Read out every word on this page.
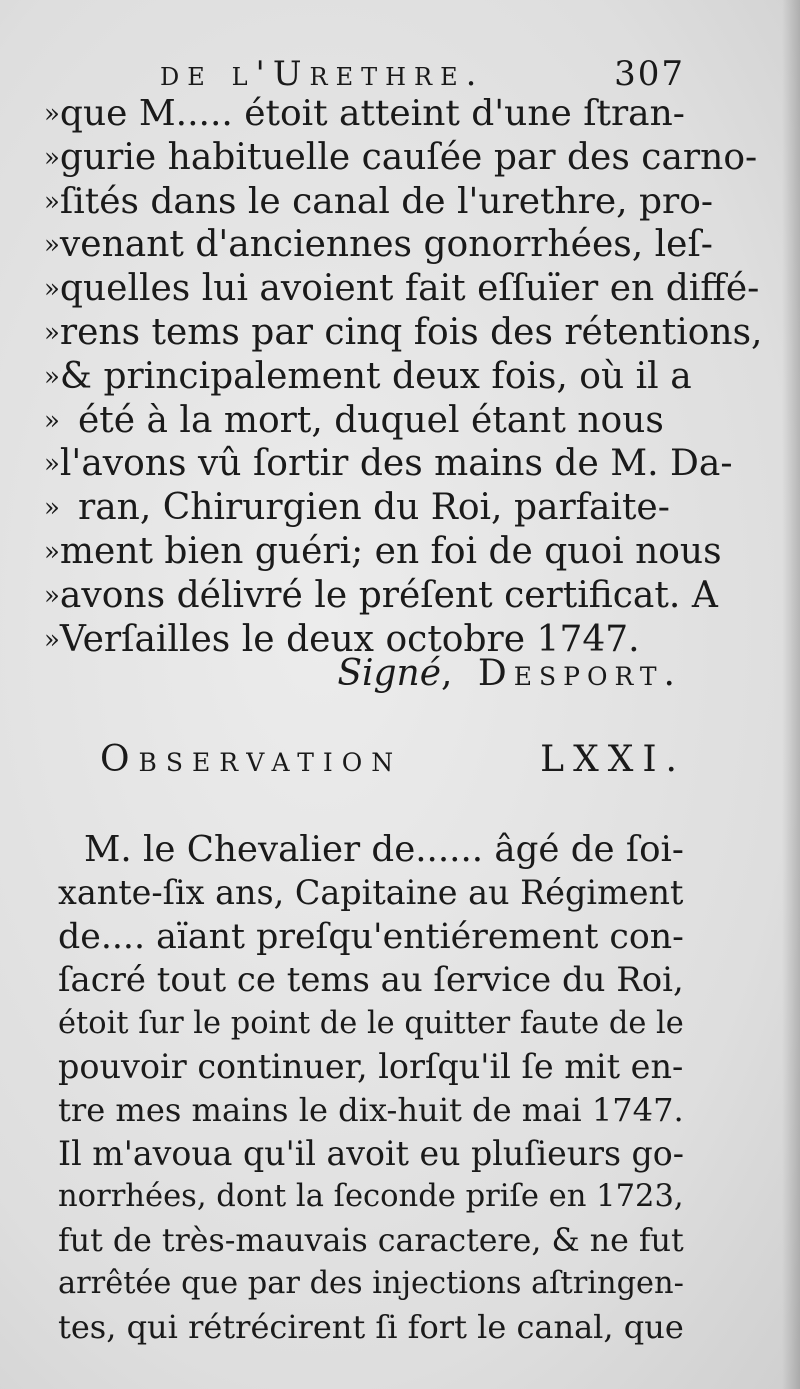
de l'Urethre.	307
» que M..... étoit atteint d'une ſtran-
» gurie habituelle cauſée par des carno-
» ſités dans le canal de l'urethre, pro-
» venant d'anciennes gonorrhées, leſ-
» quelles lui avoient fait eſſuïer en diffé-
» rens tems par cinq fois des rétentions,
» & principalement deux fois, où il a
» été à la mort, duquel étant nous
» l'avons vû ſortir des mains de M. Da-
» ran, Chirurgien du Roi, parfaite-
» ment bien guéri; en foi de quoi nous
» avons délivré le préſent certificat. A
» Verſailles le deux octobre 1747.
Signé, Desport.
Observation	LXXI.
M. le Chevalier de...... âgé de ſoi-
xante-ſix ans, Capitaine au Régiment
de.... aïant preſqu'entiérement con-
ſacré tout ce tems au ſervice du Roi,
étoit ſur le point de le quitter faute de le
pouvoir continuer, lorſqu'il ſe mit en-
tre mes mains le dix-huit de mai 1747.
Il m'avoua qu'il avoit eu pluſieurs go-
norrhées, dont la ſeconde priſe en 1723,
fut de très-mauvais caractere, & ne fut
arrêtée que par des injections aſtringen-
tes, qui rétrécirent ſi fort le canal, que
